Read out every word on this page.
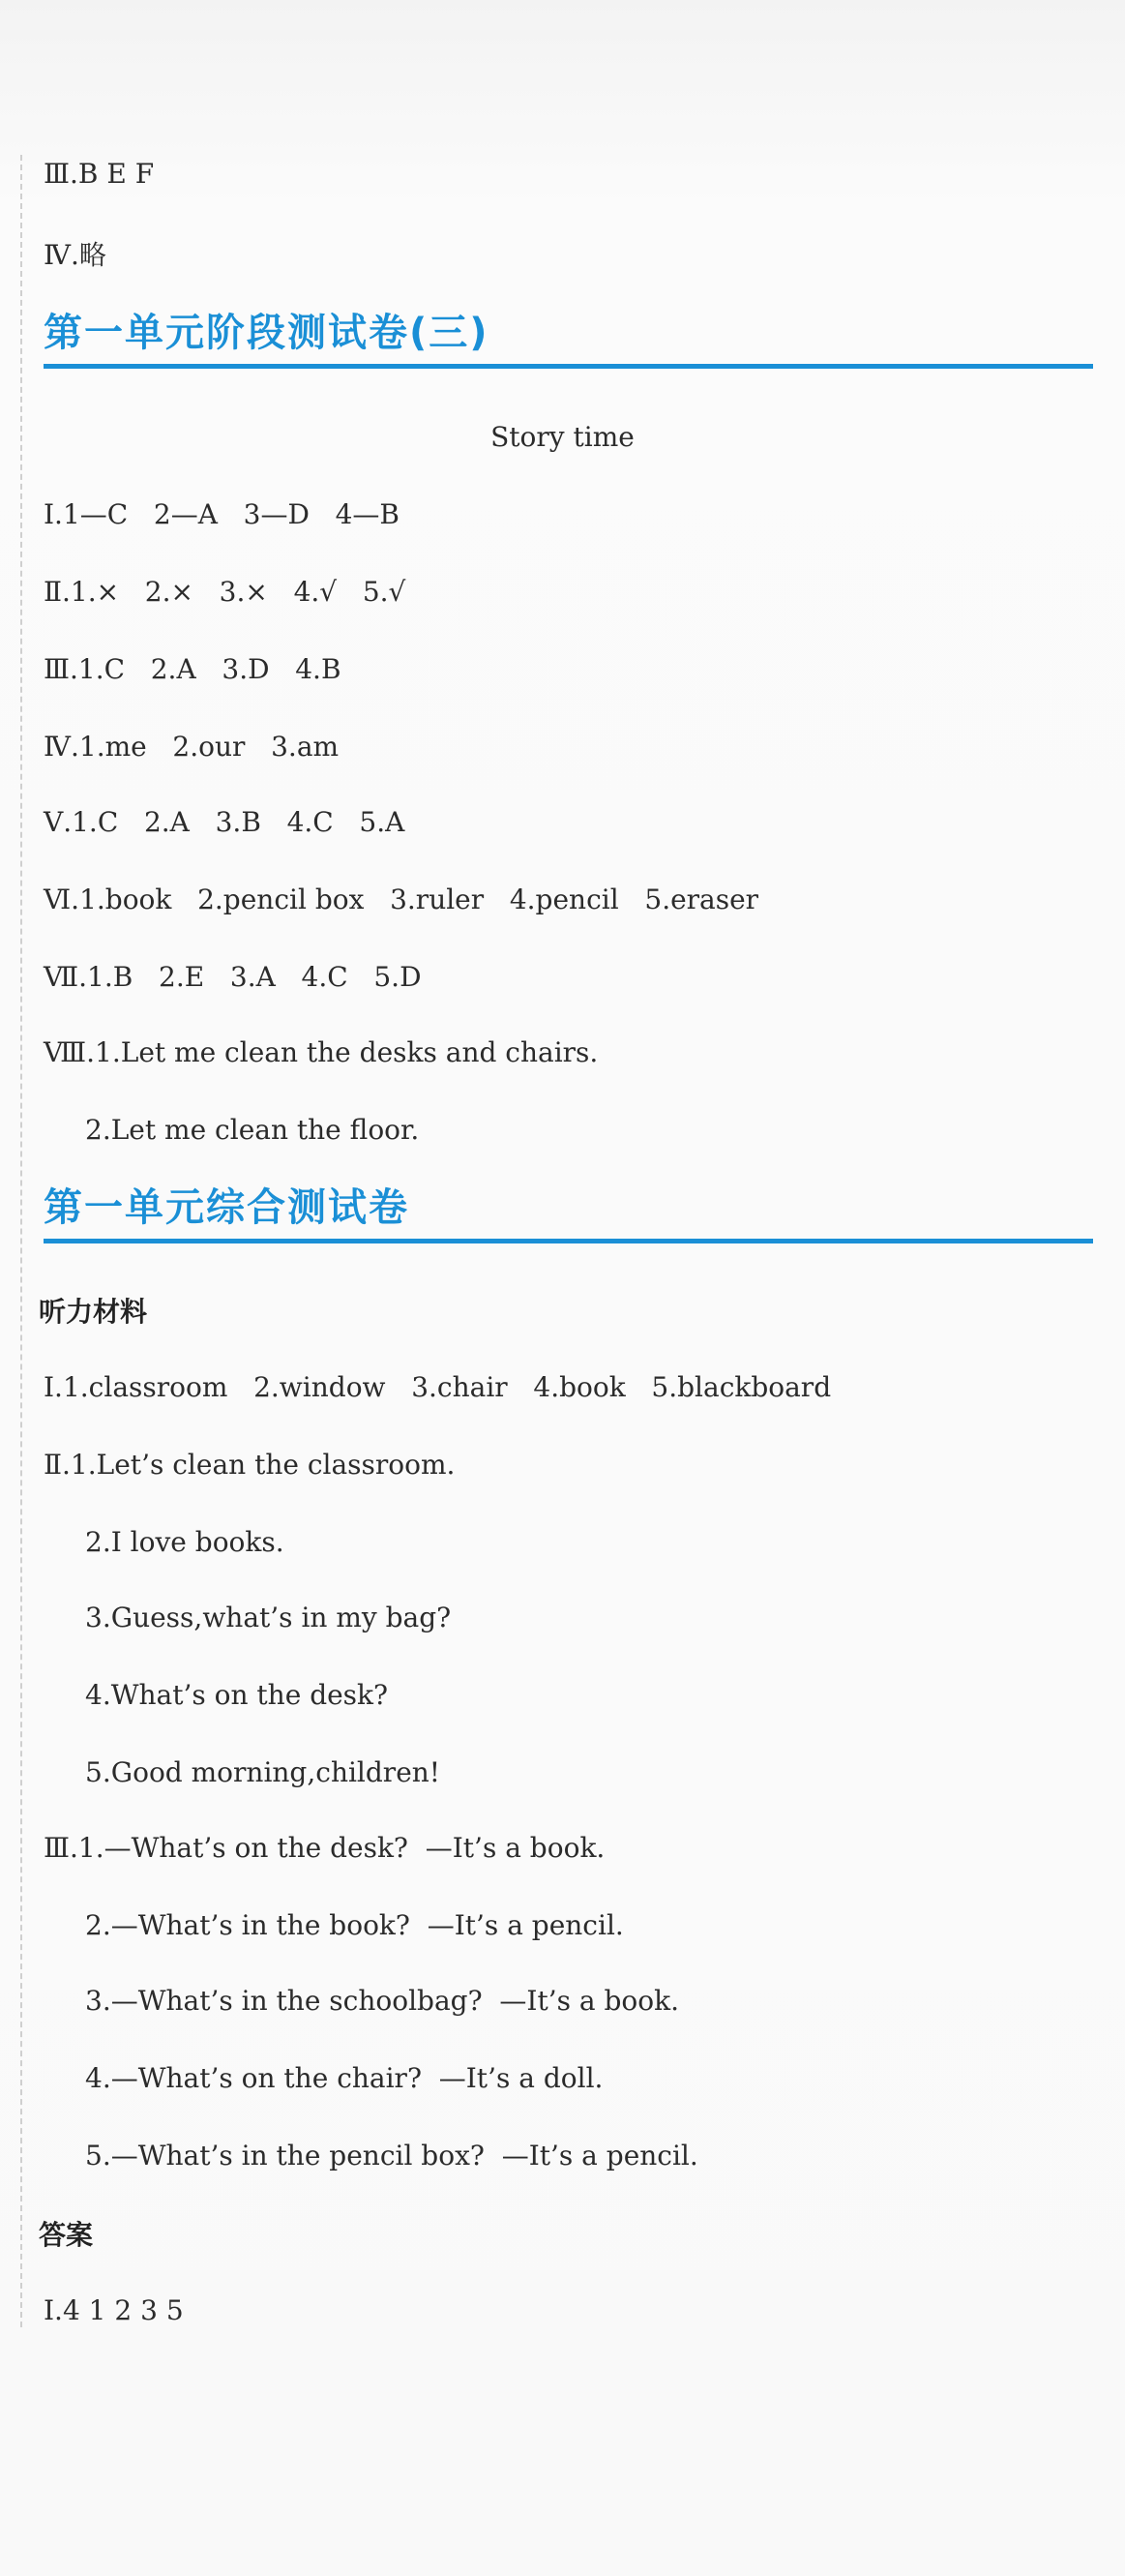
Ⅲ.B E F
Ⅳ.略
第一单元阶段测试卷(三)
Story time
Ⅰ.1—C   2—A   3—D   4—B
Ⅱ.1.×   2.×   3.×   4.√   5.√
Ⅲ.1.C   2.A   3.D   4.B
Ⅳ.1.me   2.our   3.am
Ⅴ.1.C   2.A   3.B   4.C   5.A
Ⅵ.1.book   2.pencil box   3.ruler   4.pencil   5.eraser
Ⅶ.1.B   2.E   3.A   4.C   5.D
Ⅷ.1.Let me clean the desks and chairs.
2.Let me clean the floor.
第一单元综合测试卷
听力材料
Ⅰ.1.classroom   2.window   3.chair   4.book   5.blackboard
Ⅱ.1.Let’s clean the classroom.
2.I love books.
3.Guess,what’s in my bag?
4.What’s on the desk?
5.Good morning,children!
Ⅲ.1.—What’s on the desk?  —It’s a book.
2.—What’s in the book?  —It’s a pencil.
3.—What’s in the schoolbag?  —It’s a book.
4.—What’s on the chair?  —It’s a doll.
5.—What’s in the pencil box?  —It’s a pencil.
答案
Ⅰ.4 1 2 3 5
